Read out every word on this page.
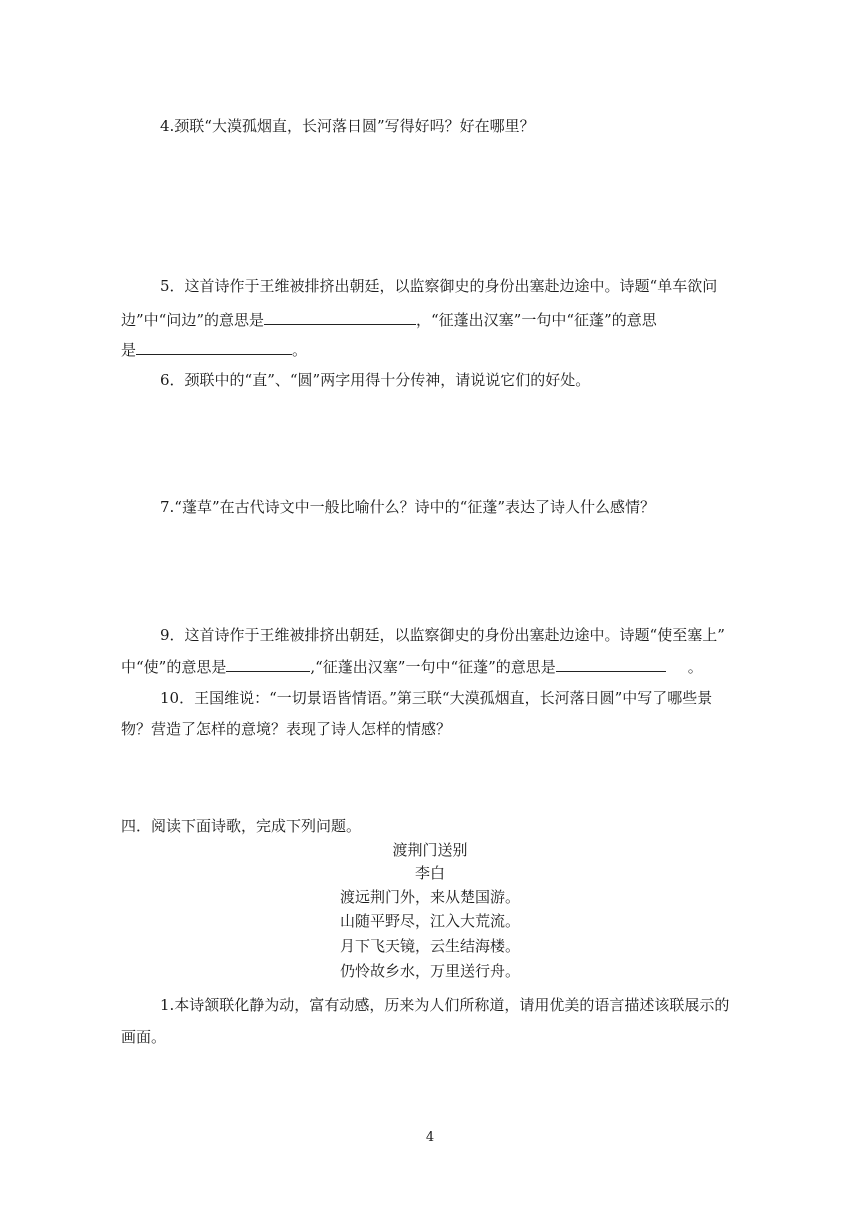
4.颈联“大漠孤烟直，长河落日圆”写得好吗？好在哪里？
5．这首诗作于王维被排挤出朝廷，以监察御史的身份出塞赴边途中。诗题“单车欲问
边”中“问边”的意思是	，“征蓬出汉塞”一句中“征蓬”的意思
是	。
6．颈联中的“直”、“圆”两字用得十分传神，请说说它们的好处。
7.“蓬草”在古代诗文中一般比喻什么？诗中的“征蓬”表达了诗人什么感情？
9．这首诗作于王维被排挤出朝廷，以监察御史的身份出塞赴边途中。诗题“使至塞上”
中“使”的意思是	,“征蓬出汉塞”一句中“征蓬”的意思是	。
10．王国维说：“一切景语皆情语。”第三联“大漠孤烟直，长河落日圆”中写了哪些景
物？营造了怎样的意境？表现了诗人怎样的情感？
四．阅读下面诗歌，完成下列问题。
渡荆门送别
李白
渡远荆门外，来从楚国游。
山随平野尽，江入大荒流。
月下飞天镜，云生结海楼。
仍怜故乡水，万里送行舟。
1.本诗颔联化静为动，富有动感，历来为人们所称道，请用优美的语言描述该联展示的
画面。
4
